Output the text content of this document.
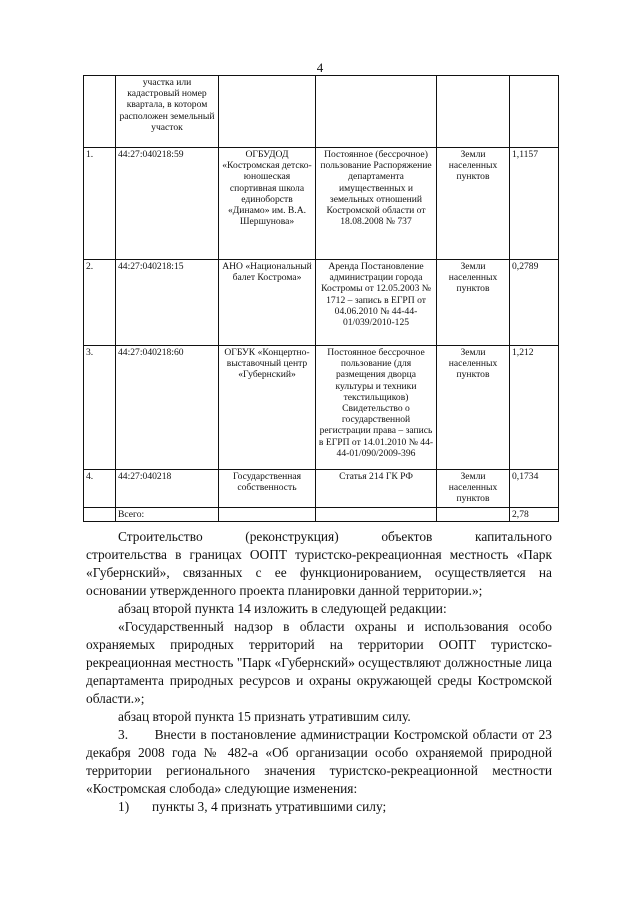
4
	участка или кадастровый номер квартала, в котором расположен земельный участок				
1.	44:27:040218:59	ОГБУДОД «Костромская детско-юношеская спортивная школа единоборств «Динамо» им. В.А. Шершунова»	Постоянное (бессрочное) пользование Распоряжение департамента имущественных и земельных отношений Костромской области от 18.08.2008 № 737	Земли населенных пунктов	1,1157
2.	44:27:040218:15	АНО «Национальный балет Кострома»	Аренда Постановление администрации города Костромы от 12.05.2003 № 1712 – запись в ЕГРП от 04.06.2010 № 44-44-01/039/2010-125	Земли населенных пунктов	0,2789
3.	44:27:040218:60	ОГБУК «Концертно-выставочный центр «Губернский»	Постоянное бессрочное пользование (для размещения дворца культуры и техники текстильщиков) Свидетельство о государственной регистрации права – запись в ЕГРП от 14.01.2010 № 44-44-01/090/2009-396	Земли населенных пунктов	1,212
4.	44:27:040218	Государственная собственность	Статья 214 ГК РФ	Земли населенных пунктов	0,1734
	Всего:				2,78

Строительство (реконструкция) объектов капитального

строительства в границах ООПТ туристско-рекреационная местность «Парк «Губернский», связанных с ее функционированием, осуществляется на основании утвержденного проекта планировки данной территории.»;

абзац второй пункта 14 изложить в следующей редакции:

«Государственный надзор в области охраны и использования особо охраняемых природных территорий на территории ООПТ туристско-рекреационная местность "Парк «Губернский» осуществляют должностные лица департамента природных ресурсов и охраны окружающей среды Костромской области.»;

абзац второй пункта 15 признать утратившим силу.

3. Внести в постановление администрации Костромской области от 23 декабря 2008 года № 482-а «Об организации особо охраняемой природной территории регионального значения туристско-рекреационной местности «Костромская слобода» следующие изменения:

1)	пункты 3, 4 признать утратившими силу;
